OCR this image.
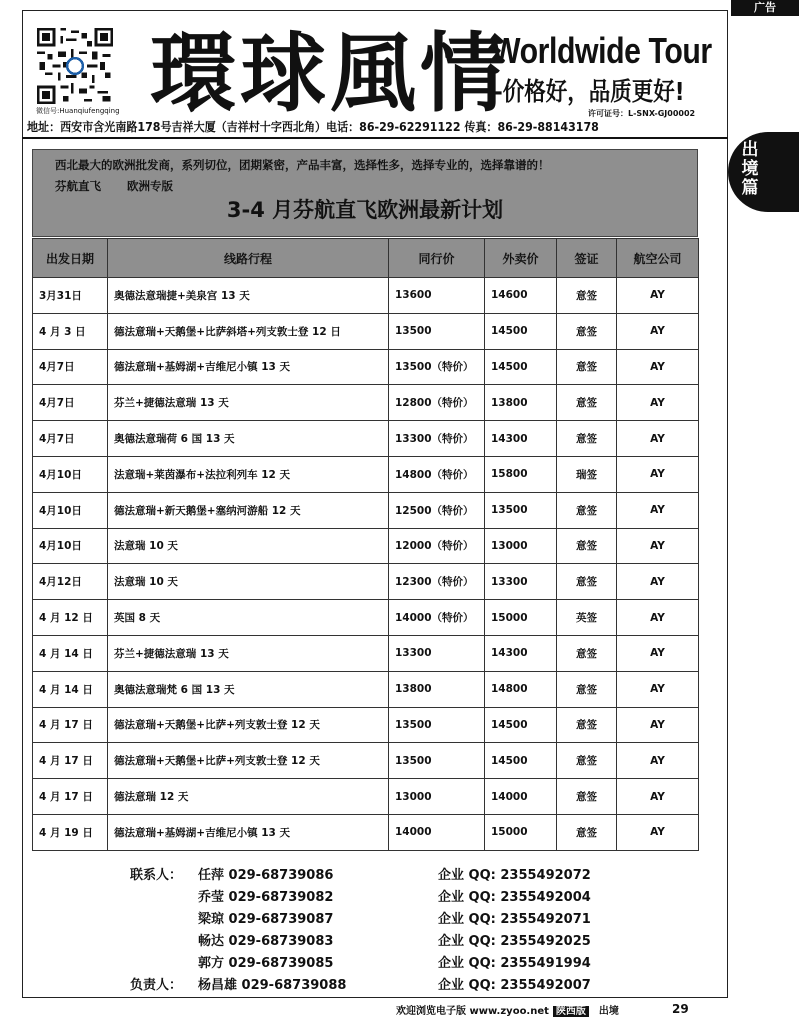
广告
微信号:Huanqiufengqing 環球風情
Worldwide Tour
–价格好，品质更好!
许可证号：L-SNX-GJ00002
地址：西安市含光南路178号吉祥大厦（吉祥村十字西北角）电话：86-29-62291122 传真：86-29-88143178
出
境
篇
西北最大的欧洲批发商，系列切位，团期紧密，产品丰富，选择性多，选择专业的，选择靠谱的！
芬航直飞 欧洲专版
3-4 月芬航直飞欧洲最新计划
出发日期	线路行程	同行价	外卖价	签证	航空公司
3月31日	奥德法意瑞捷+美泉宫 13 天	13600	14600	意签	AY
4 月 3 日	德法意瑞+天鹅堡+比萨斜塔+列支敦士登 12 日	13500	14500	意签	AY
4月7日	德法意瑞+基姆湖+吉维尼小镇 13 天	13500（特价）	14500	意签	AY
4月7日	芬兰+捷德法意瑞 13 天	12800（特价）	13800	意签	AY
4月7日	奥德法意瑞荷 6 国 13 天	13300（特价）	14300	意签	AY
4月10日	法意瑞+莱茵瀑布+法拉利列车 12 天	14800（特价）	15800	瑞签	AY
4月10日	德法意瑞+新天鹅堡+塞纳河游船 12 天	12500（特价）	13500	意签	AY
4月10日	法意瑞 10 天	12000（特价）	13000	意签	AY
4月12日	法意瑞 10 天	12300（特价）	13300	意签	AY
4 月 12 日	英国 8 天	14000（特价）	15000	英签	AY
4 月 14 日	芬兰+捷德法意瑞 13 天	13300	14300	意签	AY
4 月 14 日	奥德法意瑞梵 6 国 13 天	13800	14800	意签	AY
4 月 17 日	德法意瑞+天鹅堡+比萨+列支敦士登 12 天	13500	14500	意签	AY
4 月 17 日	德法意瑞+天鹅堡+比萨+列支敦士登 12 天	13500	14500	意签	AY
4 月 17 日	德法意瑞 12 天	13000	14000	意签	AY
4 月 19 日	德法意瑞+基姆湖+吉维尼小镇 13 天	14000	15000	意签	AY
联系人： 任萍 029-68739086	企业 QQ: 2355492072
乔莹 029-68739082	企业 QQ: 2355492004
梁琼 029-68739087	企业 QQ: 2355492071
畅达 029-68739083	企业 QQ: 2355492025
郭方 029-68739085	企业 QQ: 2355491994
负责人： 杨昌雄 029-68739088	企业 QQ: 2355492007
欢迎浏览电子版 www.zyoo.net 陕西版 出境	29
